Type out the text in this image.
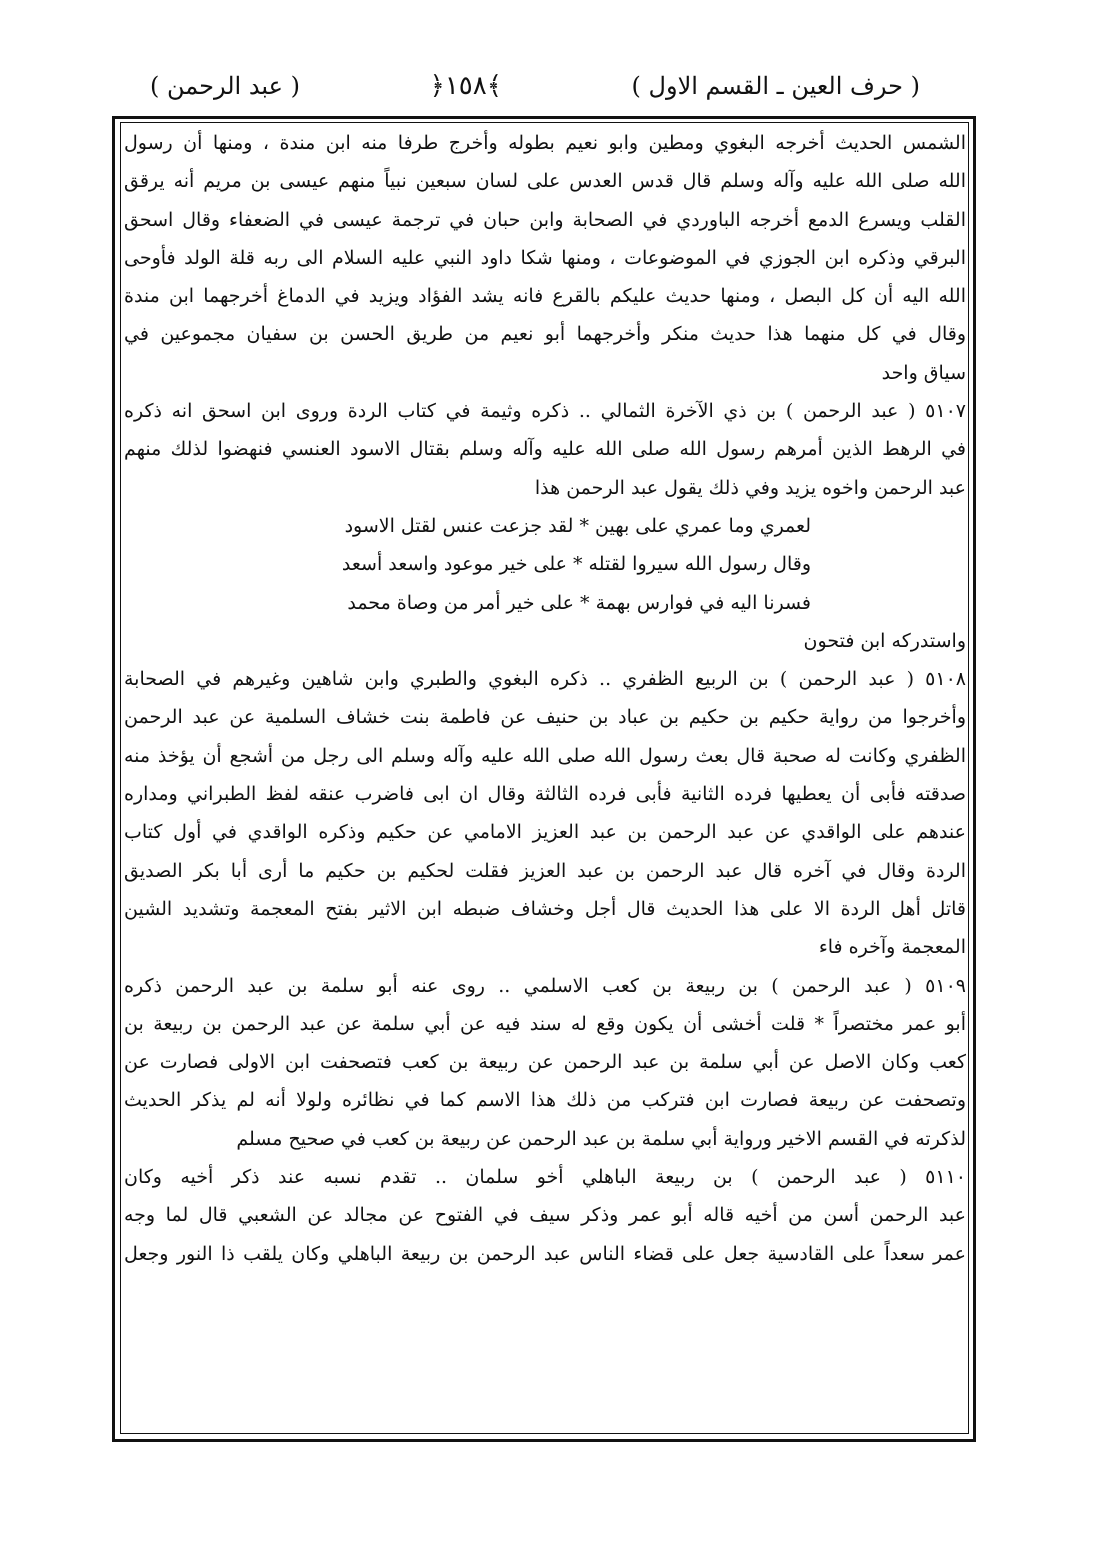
( حرف العين ـ القسم الاول )
﴾١٥٨﴿
( عبد الرحمن )
الشمس الحديث أخرجه البغوي ومطين وابو نعيم بطوله وأخرج طرفا منه ابن مندة ، ومنها أن رسول
الله صلى الله عليه وآله وسلم قال قدس العدس على لسان سبعين نبياً منهم عيسى بن مريم أنه يرقق
القلب ويسرع الدمع أخرجه الباوردي في الصحابة وابن حبان في ترجمة عيسى في الضعفاء وقال اسحق
البرقي وذكره ابن الجوزي في الموضوعات ، ومنها شكا داود النبي عليه السلام الى ربه قلة الولد فأوحى
الله اليه أن كل البصل ، ومنها حديث عليكم بالقرع فانه يشد الفؤاد ويزيد في الدماغ أخرجهما ابن مندة
وقال في كل منهما هذا حديث منكر وأخرجهما أبو نعيم من طريق الحسن بن سفيان مجموعين في
سياق واحد
٥١٠٧ ( عبد الرحمن ) بن ذي الآخرة الثمالي .. ذكره وثيمة في كتاب الردة وروى ابن اسحق انه ذكره
في الرهط الذين أمرهم رسول الله صلى الله عليه وآله وسلم بقتال الاسود العنسي فنهضوا لذلك منهم
عبد الرحمن واخوه يزيد وفي ذلك يقول عبد الرحمن هذا
لعمري وما عمري على بهين * لقد جزعت عنس لقتل الاسود
وقال رسول الله سيروا لقتله * على خير موعود واسعد أسعد
فسرنا اليه في فوارس بهمة * على خير أمر من وصاة محمد
واستدركه ابن فتحون
٥١٠٨ ( عبد الرحمن ) بن الربيع الظفري .. ذكره البغوي والطبري وابن شاهين وغيرهم في الصحابة
وأخرجوا من رواية حكيم بن حكيم بن عباد بن حنيف عن فاطمة بنت خشاف السلمية عن عبد الرحمن
الظفري وكانت له صحبة قال بعث رسول الله صلى الله عليه وآله وسلم الى رجل من أشجع أن يؤخذ منه
صدقته فأبى أن يعطيها فرده الثانية فأبى فرده الثالثة وقال ان ابى فاضرب عنقه لفظ الطبراني ومداره
عندهم على الواقدي عن عبد الرحمن بن عبد العزيز الامامي عن حكيم وذكره الواقدي في أول كتاب
الردة وقال في آخره قال عبد الرحمن بن عبد العزيز فقلت لحكيم بن حكيم ما أرى أبا بكر الصديق
قاتل أهل الردة الا على هذا الحديث قال أجل وخشاف ضبطه ابن الاثير بفتح المعجمة وتشديد الشين
المعجمة وآخره فاء
٥١٠٩ ( عبد الرحمن ) بن ربيعة بن كعب الاسلمي .. روى عنه أبو سلمة بن عبد الرحمن ذكره
أبو عمر مختصراً * قلت أخشى أن يكون وقع له سند فيه عن أبي سلمة عن عبد الرحمن بن ربيعة بن
كعب وكان الاصل عن أبي سلمة بن عبد الرحمن عن ربيعة بن كعب فتصحفت ابن الاولى فصارت عن
وتصحفت عن ربيعة فصارت ابن فتركب من ذلك هذا الاسم كما في نظائره ولولا أنه لم يذكر الحديث
لذكرته في القسم الاخير ورواية أبي سلمة بن عبد الرحمن عن ربيعة بن كعب في صحيح مسلم
٥١١٠ ( عبد الرحمن ) بن ربيعة الباهلي أخو سلمان .. تقدم نسبه عند ذكر أخيه وكان
عبد الرحمن أسن من أخيه قاله أبو عمر وذكر سيف في الفتوح عن مجالد عن الشعبي قال لما وجه
عمر سعداً على القادسية جعل على قضاء الناس عبد الرحمن بن ربيعة الباهلي وكان يلقب ذا النور وجعل
